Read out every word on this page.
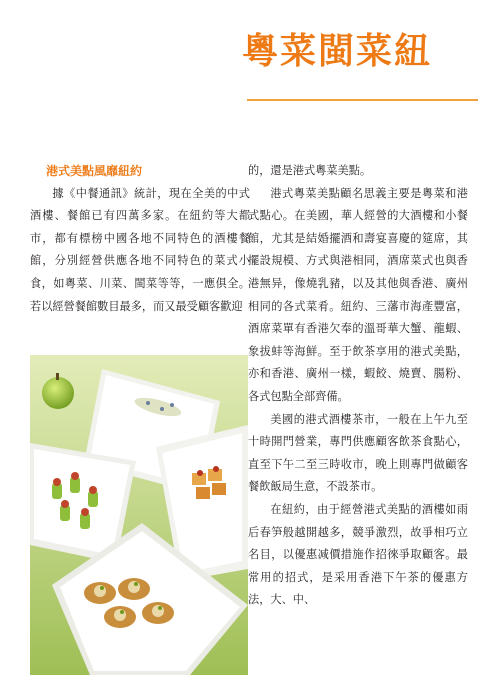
粵菜閩菜紐
港式美點風靡紐約

據《中餐通訊》統計，現在全美的中式酒樓、餐館已有四萬多家。在紐約等大都市，都有標榜中國各地不同特色的酒樓餐館，分別經營供應各地不同特色的菜式小食，如粵菜、川菜、閩菜等等，一應俱全。若以經營餐館數目最多，而又最受顧客歡迎

的，還是港式粵菜美點。

港式粵菜美點顧名思義主要是粵菜和港式點心。在美國，華人經營的大酒樓和小餐館，尤其是結婚擺酒和壽宴喜慶的筵席，其擺設規模、方式與港相同，酒席菜式也與香港無异，像燒乳豬，以及其他與香港、廣州相同的各式菜肴。紐約、三藩市海產豐富，酒席菜單有香港欠奉的溫哥華大蟹、龍蝦、象拔蚌等海鮮。至于飲茶享用的港式美點，亦和香港、廣州一樣，蝦餃、燒賣、腸粉、各式包點全部齊備。

美國的港式酒樓茶市，一般在上午九至十時開門營業，專門供應顧客飲茶食點心，直至下午二至三時收市，晚上則專門做顧客餐飲飯局生意，不設茶市。

在紐約，由于經營港式美點的酒樓如雨后春笋般越開越多，競爭激烈，故爭相巧立名目，以優惠减價措施作招徠爭取顧客。最常用的招式，是采用香港下午茶的優惠方法，大、中、
